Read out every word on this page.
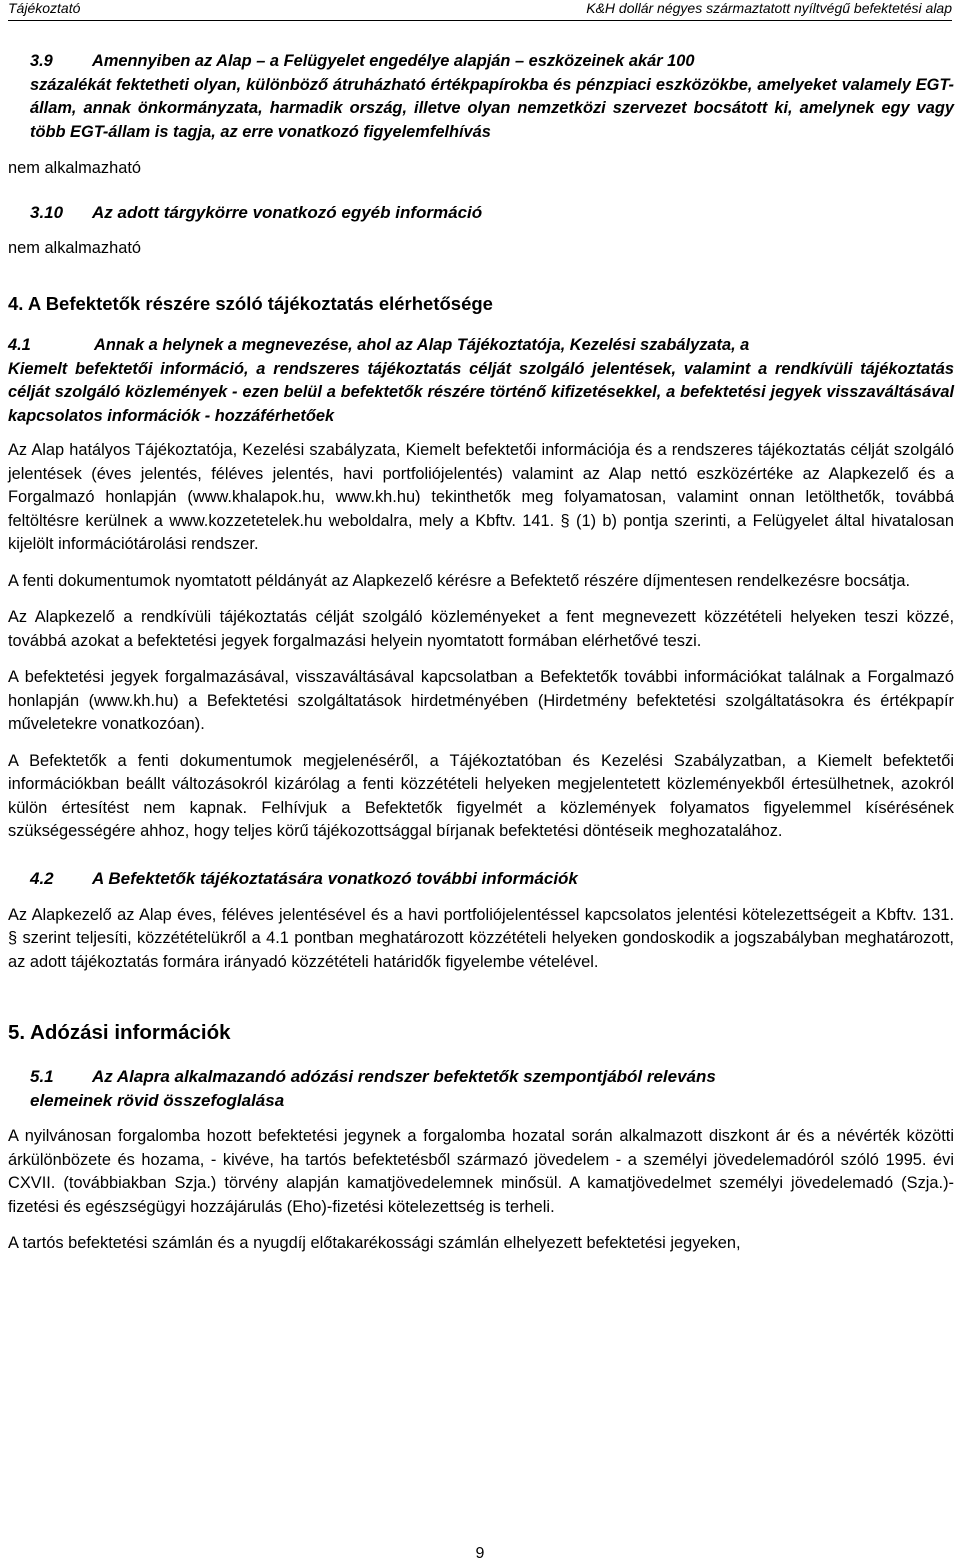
Tájékoztató	K&H dollár négyes származtatott nyíltvégű befektetési alap
3.9	Amennyiben az Alap – a Felügyelet engedélye alapján – eszközeinek akár 100
százalékát fektetheti olyan, különböző átruházható értékpapírokba és pénzpiaci eszközökbe, amelyeket valamely EGT-állam, annak önkormányzata, harmadik ország, illetve olyan nemzetközi szervezet bocsátott ki, amelynek egy vagy több EGT-állam is tagja, az erre vonatkozó figyelemfelhívás

nem alkalmazható

3.10	Az adott tárgykörre vonatkozó egyéb információ

nem alkalmazható

4. A Befektetők részére szóló tájékoztatás elérhetősége
4.1	Annak a helynek a megnevezése, ahol az Alap Tájékoztatója, Kezelési szabályzata, a
Kiemelt befektetői információ, a rendszeres tájékoztatás célját szolgáló jelentések, valamint a rendkívüli tájékoztatás célját szolgáló közlemények - ezen belül a befektetők részére történő kifizetésekkel, a befektetési jegyek visszaváltásával kapcsolatos információk - hozzáférhetőek

Az Alap hatályos Tájékoztatója, Kezelési szabályzata, Kiemelt befektetői információja és a rendszeres tájékoztatás célját szolgáló jelentések (éves jelentés, féléves jelentés, havi portfoliójelentés) valamint az Alap nettó eszközértéke az Alapkezelő és a Forgalmazó honlapján (www.khalapok.hu, www.kh.hu) tekinthetők meg folyamatosan, valamint onnan letölthetők, továbbá feltöltésre kerülnek a www.kozzetetelek.hu weboldalra, mely a Kbftv. 141. § (1) b) pontja szerinti, a Felügyelet által hivatalosan kijelölt információtárolási rendszer.

A fenti dokumentumok nyomtatott példányát az Alapkezelő kérésre a Befektető részére díjmentesen rendelkezésre bocsátja.

Az Alapkezelő a rendkívüli tájékoztatás célját szolgáló közleményeket a fent megnevezett közzétételi helyeken teszi közzé, továbbá azokat a befektetési jegyek forgalmazási helyein nyomtatott formában elérhetővé teszi.

A befektetési jegyek forgalmazásával, visszaváltásával kapcsolatban a Befektetők további információkat találnak a Forgalmazó honlapján (www.kh.hu) a Befektetési szolgáltatások hirdetményében (Hirdetmény befektetési szolgáltatásokra és értékpapír műveletekre vonatkozóan).

A Befektetők a fenti dokumentumok megjelenéséről, a Tájékoztatóban és Kezelési Szabályzatban, a Kiemelt befektetői információkban beállt változásokról kizárólag a fenti közzétételi helyeken megjelentetett közleményekből értesülhetnek, azokról külön értesítést nem kapnak. Felhívjuk a Befektetők figyelmét a közlemények folyamatos figyelemmel kísérésének szükségességére ahhoz, hogy teljes körű tájékozottsággal bírjanak befektetési döntéseik meghozatalához.

4.2	A Befektetők tájékoztatására vonatkozó további információk

Az Alapkezelő az Alap éves, féléves jelentésével és a havi portfoliójelentéssel kapcsolatos jelentési kötelezettségeit a Kbftv. 131. § szerint teljesíti, közzétételükről a 4.1 pontban meghatározott közzétételi helyeken gondoskodik a jogszabályban meghatározott, az adott tájékoztatás formára irányadó közzétételi határidők figyelembe vételével.

5. Adózási információk
5.1	Az Alapra alkalmazandó adózási rendszer befektetők szempontjából releváns
elemeinek rövid összefoglalása

A nyilvánosan forgalomba hozott befektetési jegynek a forgalomba hozatal során alkalmazott diszkont ár és a névérték közötti árkülönbözete és hozama, - kivéve, ha tartós befektetésből származó jövedelem - a személyi jövedelemadóról szóló 1995. évi CXVII. (továbbiakban Szja.) törvény alapján kamatjövedelemnek minősül. A kamatjövedelmet személyi jövedelemadó (Szja.)-fizetési és egészségügyi hozzájárulás (Eho)-fizetési kötelezettség is terheli.

A tartós befektetési számlán és a nyugdíj előtakarékossági számlán elhelyezett befektetési jegyeken,

9
